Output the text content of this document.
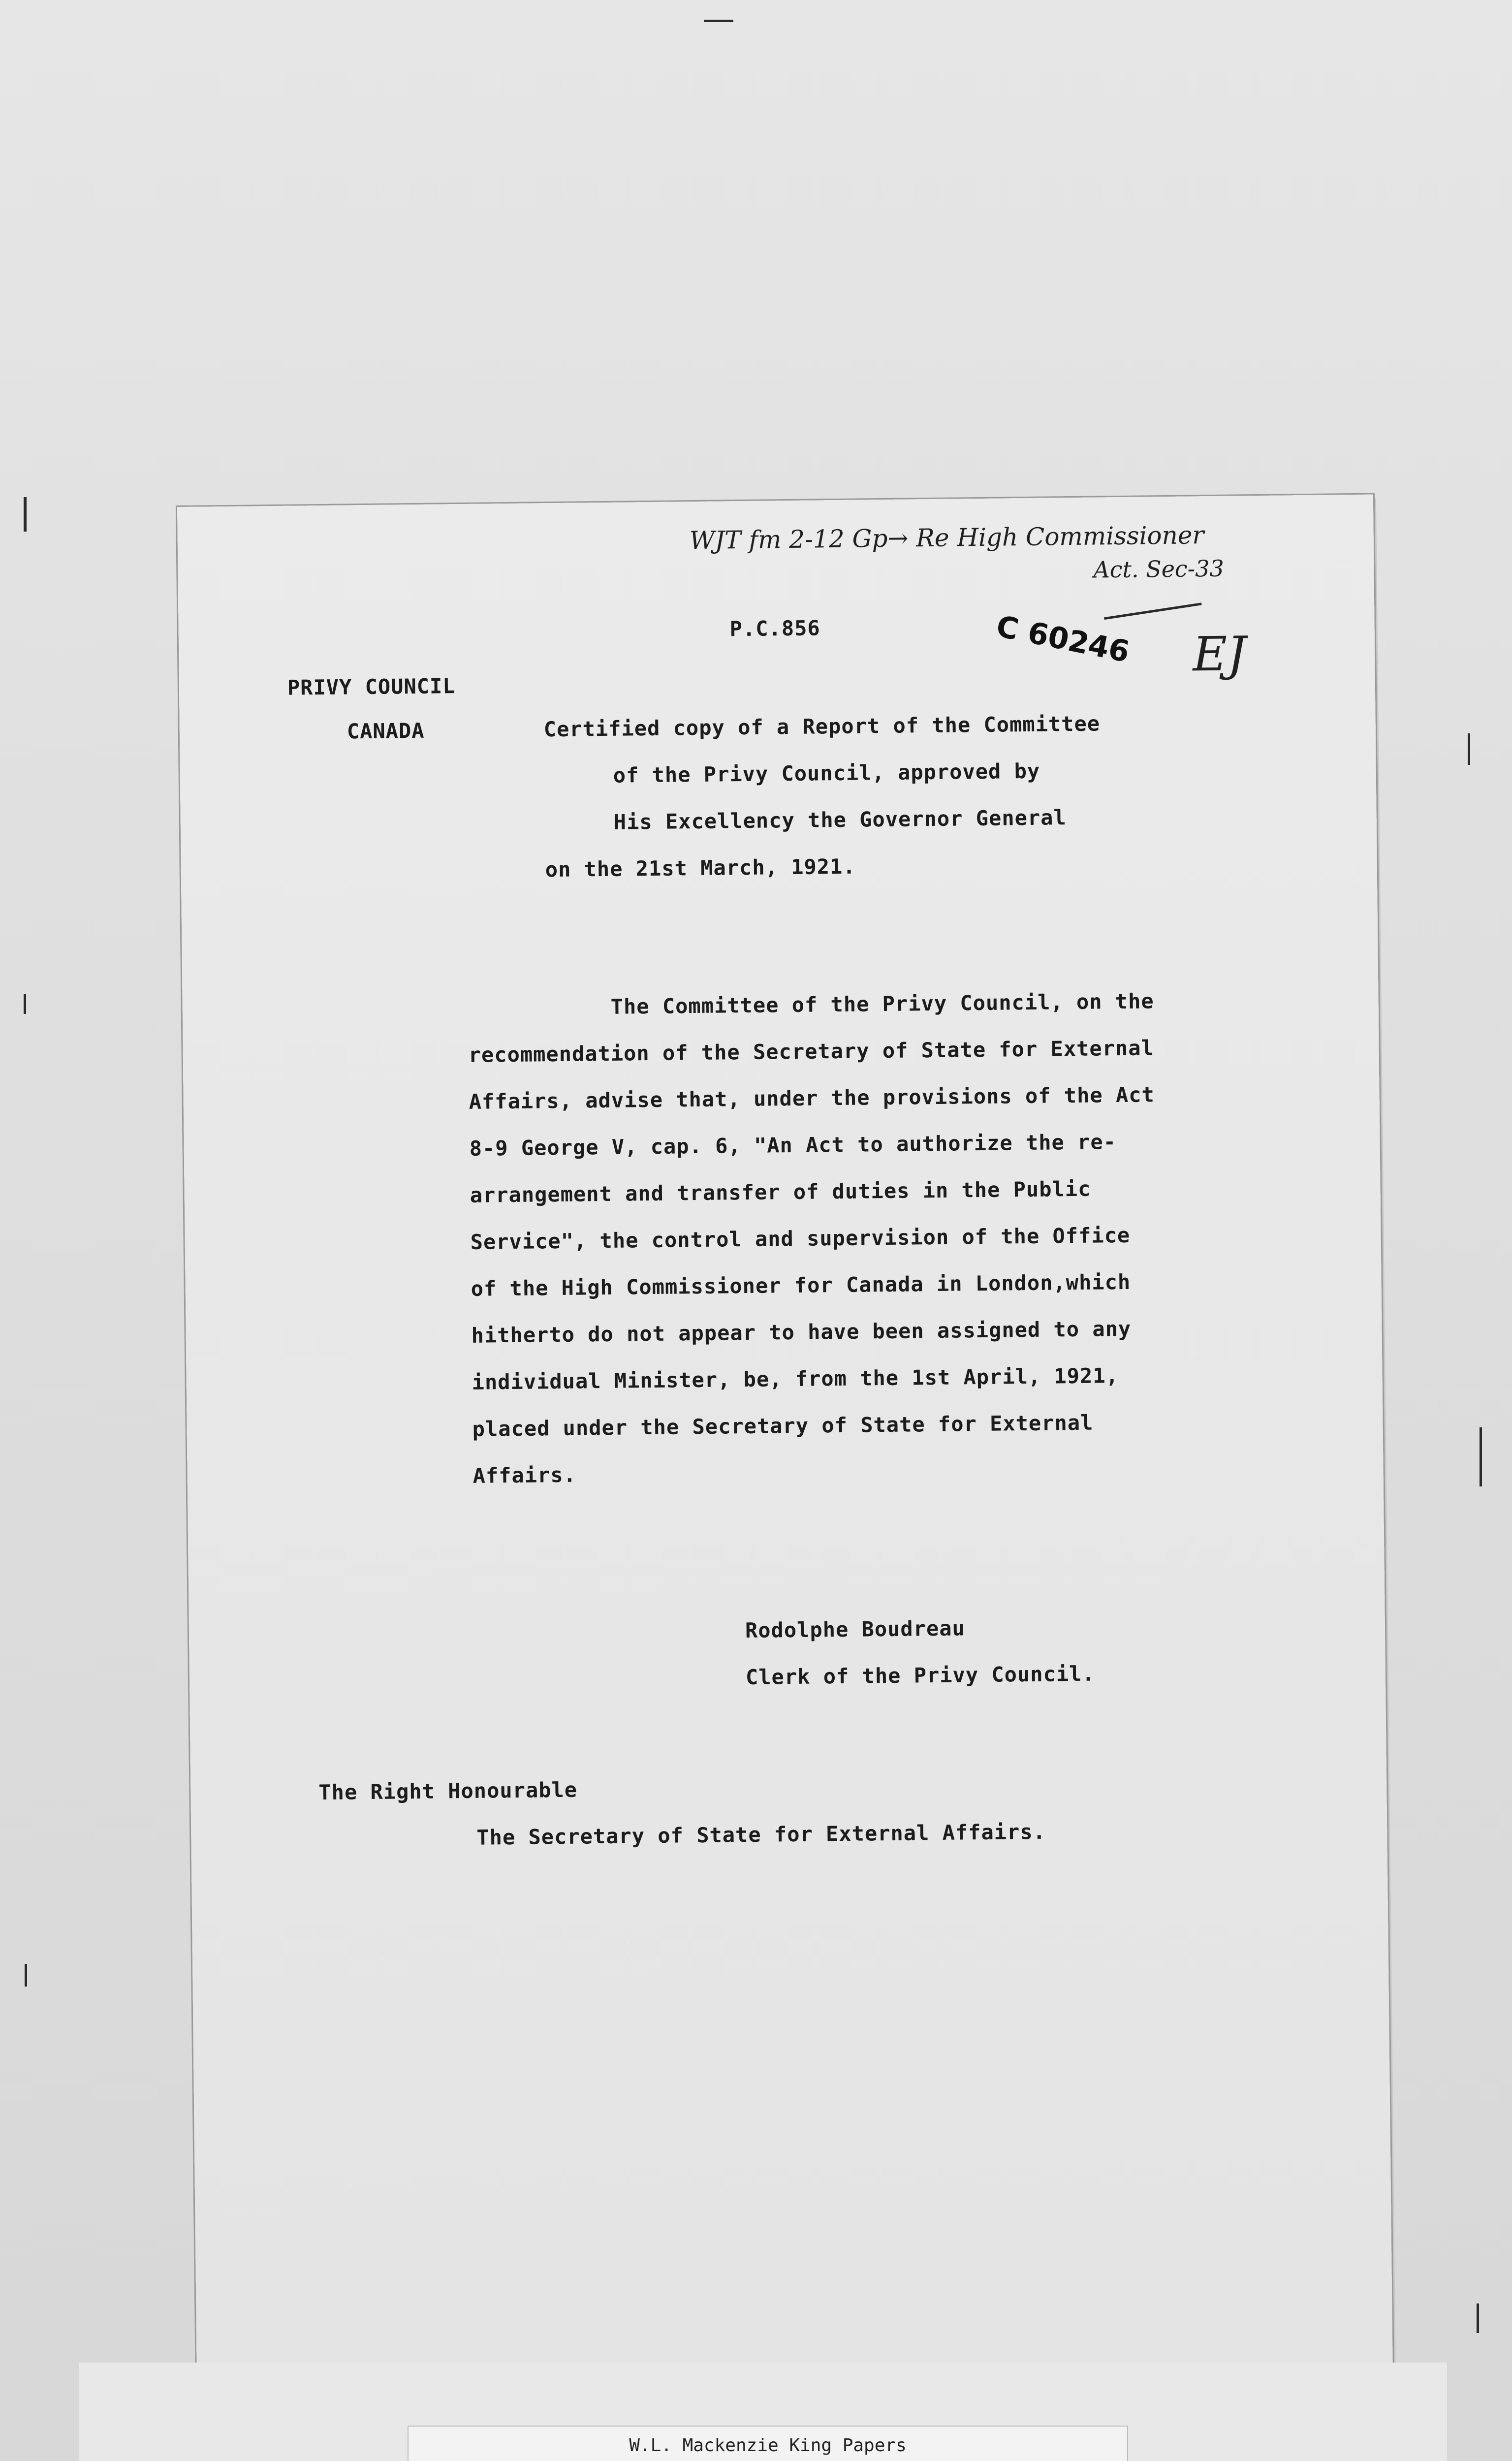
WJT fm 2-12 Gp→ Re High Commissioner
Act. Sec-33
EJ
P.C.856	C 60246
PRIVY COUNCIL
CANADA	Certified copy of a Report of the Committee
of the Privy Council, approved by
His Excellency the Governor General
on the 21st March, 1921.
The Committee of the Privy Council, on the
recommendation of the Secretary of State for External
Affairs, advise that, under the provisions of the Act
8-9 George V, cap. 6, "An Act to authorize the re-
arrangement and transfer of duties in the Public
Service", the control and supervision of the Office
of the High Commissioner for Canada in London,which
hitherto do not appear to have been assigned to any
individual Minister, be, from the 1st April, 1921,
placed under the Secretary of State for External
Affairs.
Rodolphe Boudreau
Clerk of the Privy Council.
The Right Honourable
The Secretary of State for External Affairs.
W.L. Mackenzie King Papers
